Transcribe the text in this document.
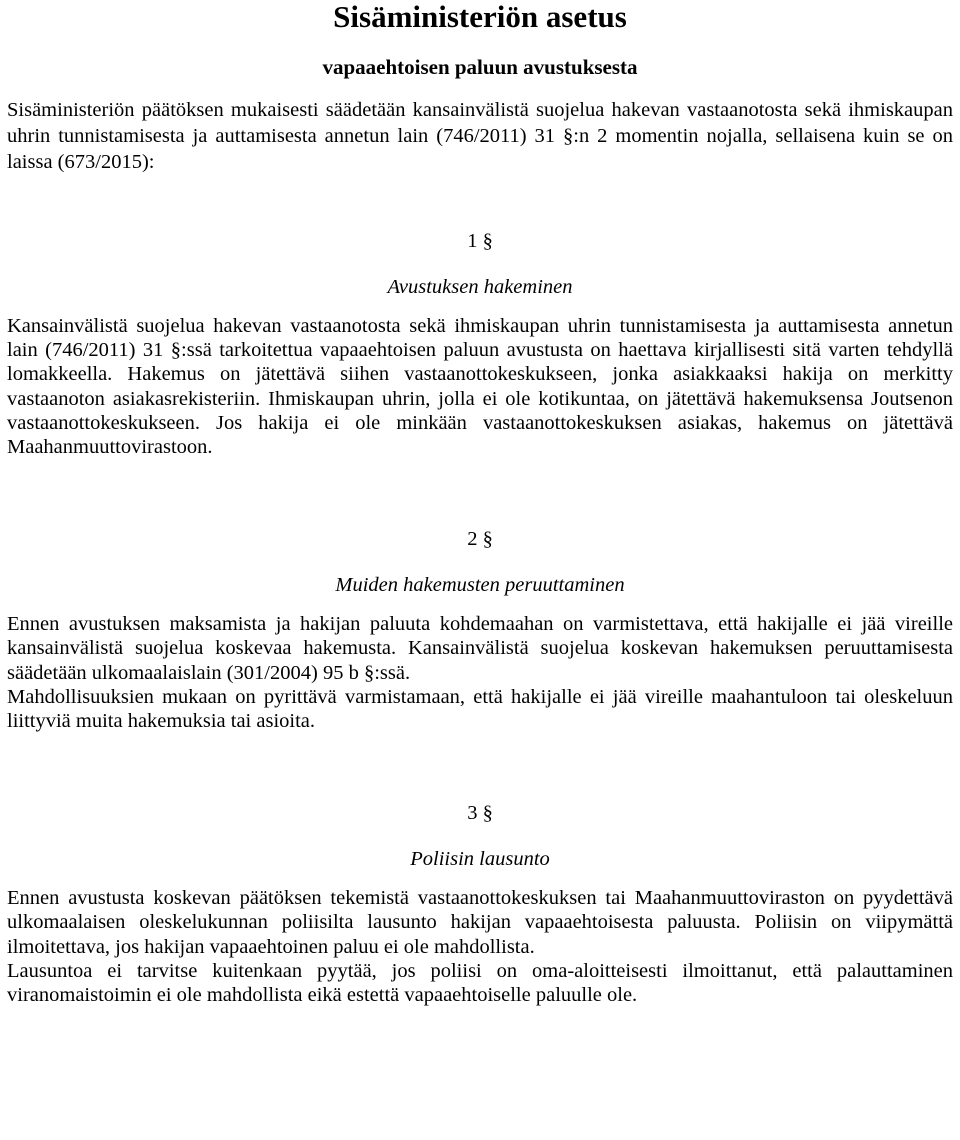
Sisäministeriön asetus
vapaaehtoisen paluun avustuksesta

Sisäministeriön päätöksen mukaisesti säädetään kansainvälistä suojelua hakevan vastaanotosta sekä ihmiskaupan uhrin tunnistamisesta ja auttamisesta annetun lain (746/2011) 31 §:n 2 momentin nojalla, sellaisena kuin se on laissa (673/2015):

1 §
Avustuksen hakeminen

Kansainvälistä suojelua hakevan vastaanotosta sekä ihmiskaupan uhrin tunnistamisesta ja auttamisesta annetun lain (746/2011) 31 §:ssä tarkoitettua vapaaehtoisen paluun avustusta on haettava kirjallisesti sitä varten tehdyllä lomakkeella. Hakemus on jätettävä siihen vastaanottokeskukseen, jonka asiakkaaksi hakija on merkitty vastaanoton asiakasrekisteriin. Ihmiskaupan uhrin, jolla ei ole kotikuntaa, on jätettävä hakemuksensa Joutsenon vastaanottokeskukseen. Jos hakija ei ole minkään vastaanottokeskuksen asiakas, hakemus on jätettävä Maahanmuuttovirastoon.

2 §
Muiden hakemusten peruuttaminen

Ennen avustuksen maksamista ja hakijan paluuta kohdemaahan on varmistettava, että hakijalle ei jää vireille kansainvälistä suojelua koskevaa hakemusta. Kansainvälistä suojelua koskevan hakemuksen peruuttamisesta säädetään ulkomaalaislain (301/2004) 95 b §:ssä.

Mahdollisuuksien mukaan on pyrittävä varmistamaan, että hakijalle ei jää vireille maahantuloon tai oleskeluun liittyviä muita hakemuksia tai asioita.

3 §
Poliisin lausunto

Ennen avustusta koskevan päätöksen tekemistä vastaanottokeskuksen tai Maahanmuuttoviraston on pyydettävä ulkomaalaisen oleskelukunnan poliisilta lausunto hakijan vapaaehtoisesta paluusta. Poliisin on viipymättä ilmoitettava, jos hakijan vapaaehtoinen paluu ei ole mahdollista.

Lausuntoa ei tarvitse kuitenkaan pyytää, jos poliisi on oma-aloitteisesti ilmoittanut, että palauttaminen viranomaistoimin ei ole mahdollista eikä estettä vapaaehtoiselle paluulle ole.
